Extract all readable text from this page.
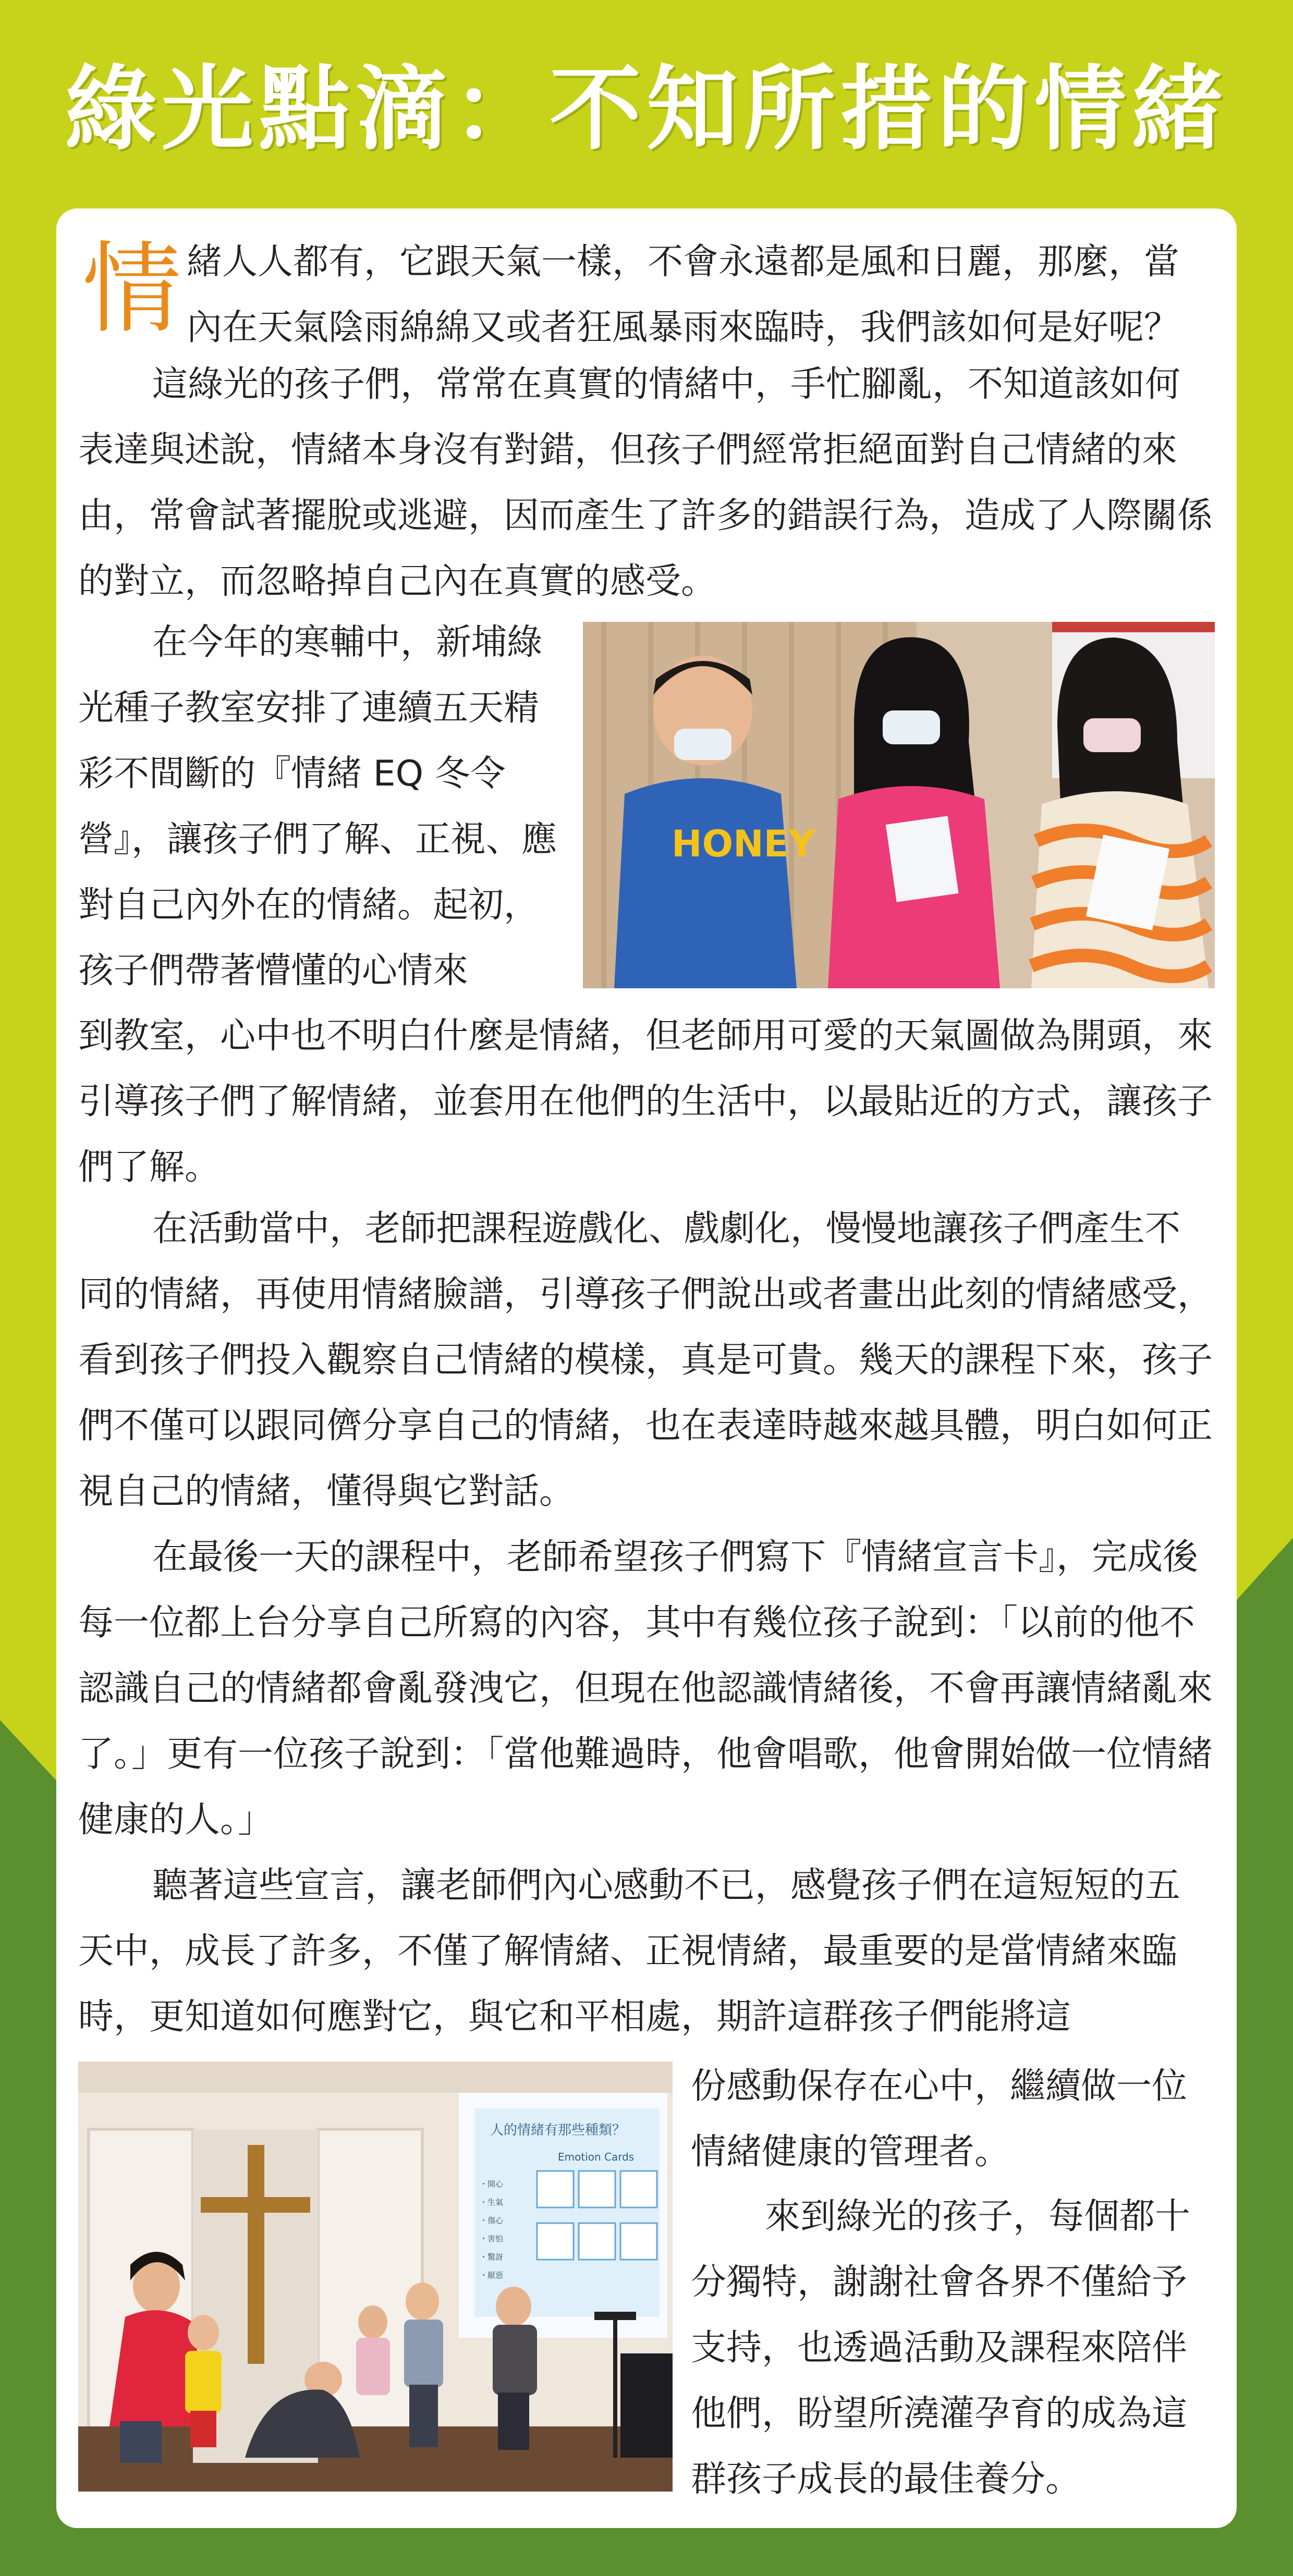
綠光點滴：不知所措的情緒
情 緒人人都有，它跟天氣一樣，不會永遠都是風和日麗，那麼，當

內在天氣陰雨綿綿又或者狂風暴雨來臨時，我們該如何是好呢？

這綠光的孩子們，常常在真實的情緒中，手忙腳亂，不知道該如何表達與述說，情緒本身沒有對錯，但孩子們經常拒絕面對自己情緒的來由，常會試著擺脫或逃避，因而產生了許多的錯誤行為，造成了人際關係的對立，而忽略掉自己內在真實的感受。

在今年的寒輔中，新埔綠光種子教室安排了連續五天精彩不間斷的『情緒 EQ 冬令營』，讓孩子們了解、正視、應對自己內外在的情緒。起初，孩子們帶著懵懂的心情來

HONEY

到教室，心中也不明白什麼是情緒，但老師用可愛的天氣圖做為開頭，來引導孩子們了解情緒，並套用在他們的生活中，以最貼近的方式，讓孩子們了解。

在活動當中，老師把課程遊戲化、戲劇化，慢慢地讓孩子們產生不同的情緒，再使用情緒臉譜，引導孩子們說出或者畫出此刻的情緒感受，看到孩子們投入觀察自己情緒的模樣，真是可貴。幾天的課程下來，孩子們不僅可以跟同儕分享自己的情緒，也在表達時越來越具體，明白如何正視自己的情緒，懂得與它對話。

在最後一天的課程中，老師希望孩子們寫下『情緒宣言卡』，完成後每一位都上台分享自己所寫的內容，其中有幾位孩子說到：「以前的他不認識自己的情緒都會亂發洩它，但現在他認識情緒後，不會再讓情緒亂來了。」更有一位孩子說到：「當他難過時，他會唱歌，他會開始做一位情緒健康的人。」

聽著這些宣言，讓老師們內心感動不已，感覺孩子們在這短短的五天中，成長了許多，不僅了解情緒、正視情緒，最重要的是當情緒來臨時，更知道如何應對它，與它和平相處，期許這群孩子們能將這

人的情緒有那些種類？
Emotion Cards
・開心
・生氣
・傷心
・害怕
・驚訝
・厭惡

份感動保存在心中，繼續做一位情緒健康的管理者。

來到綠光的孩子，每個都十分獨特，謝謝社會各界不僅給予支持，也透過活動及課程來陪伴他們，盼望所澆灌孕育的成為這群孩子成長的最佳養分。
